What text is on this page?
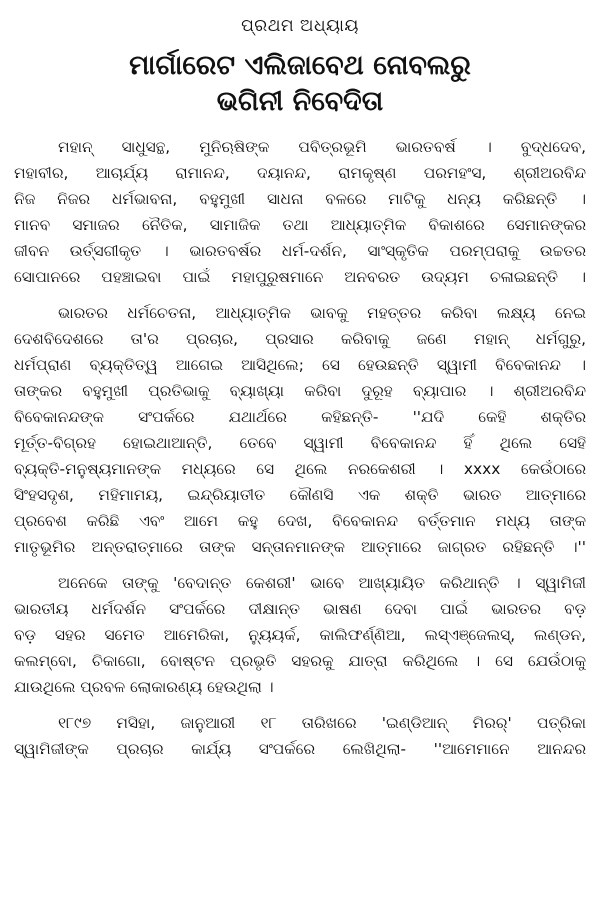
ପ୍ରଥମ ଅଧ୍ୟାୟ
ମାର୍ଗାରେଟ ଏଲିଜାବେଥ ନୋବଲରୁ
ଭଗିନୀ ନିବେଦିତା
ମହାନ୍ ସାଧୁସନ୍ଥ, ମୁନିଋଷିଙ୍କ ପବିତ୍ରଭୂମି ଭାରତବର୍ଷ । ବୁଦ୍ଧଦେବ,
ମହାବୀର, ଆଚାର୍ଯ୍ୟ ରାମାନନ୍ଦ, ଦୟାନନ୍ଦ, ରାମକୃଷ୍ଣ ପରମହଂସ, ଶ୍ରୀଅରବିନ୍ଦ
ନିଜ ନିଜର ଧର୍ମଭାବନା, ବହୁମୁଖୀ ସାଧନା ବଳରେ ମାଟିକୁ ଧନ୍ୟ କରିଛନ୍ତି ।
ମାନବ ସମାଜର ନୈତିକ, ସାମାଜିକ ତଥା ଆଧ୍ୟାତ୍ମିକ ବିକାଶରେ ସେମାନଙ୍କର
ଜୀବନ ଉର୍ତ୍ସଗୀକୃତ । ଭାରତବର୍ଷର ଧର୍ମ-ଦର୍ଶନ, ସାଂସ୍କୃତିକ ପରମ୍ପରାକୁ ଉଚ୍ଚତର
ସୋପାନରେ ପହଞ୍ଚାଇବା ପାଇଁ ମହାପୁରୁଷମାନେ ଅନବରତ ଉଦ୍ୟମ ଚଳାଇଛନ୍ତି ।
ଭାରତର ଧର୍ମଚେତନା, ଆଧ୍ୟାତ୍ମିକ ଭାବକୁ ମହତ୍ତର କରିବା ଲକ୍ଷ୍ୟ ନେଇ
ଦେଶବିଦେଶରେ ତା'ର ପ୍ରଚାର, ପ୍ରସାର କରିବାକୁ ଜଣେ ମହାନ୍ ଧର୍ମଗୁରୁ,
ଧର୍ମପ୍ରାଣ ବ୍ୟକ୍ତିତ୍ୱ ଆଗେଇ ଆସିଥିଲେ; ସେ ହେଉଛନ୍ତି ସ୍ୱାମୀ ବିବେକାନନ୍ଦ ।
ତାଙ୍କର ବହୁମୁଖୀ ପ୍ରତିଭାକୁ ବ୍ୟାଖ୍ୟା କରିବା ଦୁରୂହ ବ୍ୟାପାର । ଶ୍ରୀଅରବିନ୍ଦ
ବିବେକାନନ୍ଦଙ୍କ ସଂପର୍କରେ ଯଥାର୍ଥରେ କହିଛନ୍ତି- ''ଯଦି କେହି ଶକ୍ତିର
ମୂର୍ତ୍ତ-ବିଗ୍ରହ ହୋଇଥାଆନ୍ତି, ତେବେ ସ୍ୱାମୀ ବିବେକାନନ୍ଦ ହିଁ ଥିଲେ ସେହି
ବ୍ୟକ୍ତି-ମନୁଷ୍ୟମାନଙ୍କ ମଧ୍ୟରେ ସେ ଥିଲେ ନରକେଶରୀ । xxxx କେଉଁଠାରେ
ସିଂହସଦୃଶ, ମହିମାମୟ, ଇନ୍ଦ୍ରିୟାତୀତ କୌଣସି ଏକ ଶକ୍ତି ଭାରତ ଆତ୍ମାରେ
ପ୍ରବେଶ କରିଛି ଏବଂ ଆମେ କହୁ ଦେଖ, ବିବେକାନନ୍ଦ ବର୍ତ୍ତମାନ ମଧ୍ୟ ତାଙ୍କ
ମାତୃଭୂମିର ଅନ୍ତରାତ୍ମାରେ ତାଙ୍କ ସନ୍ତାନମାନଙ୍କ ଆତ୍ମାରେ ଜାଗ୍ରତ ରହିଛନ୍ତି ।''
ଅନେକେ ତାଙ୍କୁ 'ବେଦାନ୍ତ କେଶରୀ' ଭାବେ ଆଖ୍ୟାୟିତ କରିଥାନ୍ତି । ସ୍ୱାମିଜୀ
ଭାରତୀୟ ଧର୍ମଦର୍ଶନ ସଂପର୍କରେ ଦୀକ୍ଷାନ୍ତ ଭାଷଣ ଦେବା ପାଇଁ ଭାରତର ବଡ଼
ବଡ଼ ସହର ସମେତ ଆମେରିକା, ନ୍ୟୁୟର୍କ, କାଲିଫର୍ଣ୍ଣିଆ, ଲସ୍‌ଏଞ୍ଜେଲସ୍, ଲଣ୍ଡନ,
କଲମ୍ବୋ, ଚିକାଗୋ, ବୋଷ୍ଟନ ପ୍ରଭୃତି ସହରକୁ ଯାତ୍ରା କରିଥିଲେ । ସେ ଯେଉଁଠାକୁ
ଯାଉଥିଲେ ପ୍ରବଳ ଲୋକାରଣ୍ୟ ହେଉଥିଲା ।
୧୮୯୭ ମସିହା, ଜାନୁଆରୀ ୧୮ ତାରିଖରେ 'ଇଣ୍ଡିଆନ୍ ମିରର୍' ପତ୍ରିକା
ସ୍ୱାମିଜୀଙ୍କ ପ୍ରଚାର କାର୍ଯ୍ୟ ସଂପର୍କରେ ଲେଖିଥିଲା- ''ଆମେମାନେ ଆନନ୍ଦର
